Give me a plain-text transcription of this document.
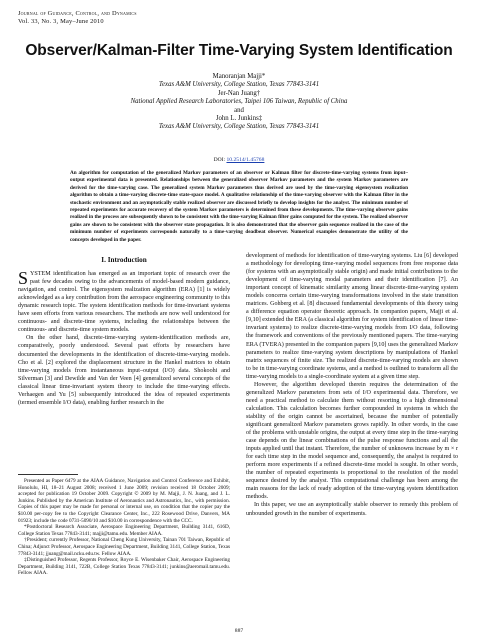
Journal of Guidance, Control, and Dynamics
Vol. 33, No. 3, May–June 2010
Observer/Kalman-Filter Time-Varying System Identification
Manoranjan Majji*
Texas A&M University, College Station, Texas 77843-3141
Jer-Nan Juang†
National Applied Research Laboratories, Taipei 106 Taiwan, Republic of China
and
John L. Junkins‡
Texas A&M University, College Station, Texas 77843-3141
DOI: 10.2514/1.45768
An algorithm for computation of the generalized Markov parameters of an observer or Kalman filter for discrete-time-varying systems from input–output experimental data is presented. Relationships between the generalized observer Markov parameters and the system Markov parameters are derived for the time-varying case. The generalized system Markov parameters thus derived are used by the time-varying eigensystem realization algorithm to obtain a time-varying discrete-time state-space model. A qualitative relationship of the time-varying observer with the Kalman filter in the stochastic environment and an asymptotically stable realized observer are discussed briefly to develop insights for the analyst. The minimum number of repeated experiments for accurate recovery of the system Markov parameters is determined from these developments. The time-varying observer gains realized in the process are subsequently shown to be consistent with the time-varying Kalman filter gains computed for the system. The realized observer gains are shown to be consistent with the observer state propagation. It is also demonstrated that the observer gain sequence realized in the case of the minimum number of experiments corresponds naturally to a time-varying deadbeat observer. Numerical examples demonstrate the utility of the concepts developed in the paper.
I. Introduction

SYSTEM identification has emerged as an important topic of research over the past few decades owing to the advancements of model-based modern guidance, navigation, and control. The eigensystem realization algorithm (ERA) [1] is widely acknowledged as a key contribution from the aerospace engineering community to this dynamic research topic. The system identification methods for time-invariant systems have seen efforts from various researchers. The methods are now well understood for continuous- and discrete-time systems, including the relationships between the continuous- and discrete-time system models.

On the other hand, discrete-time-varying system-identification methods are, comparatively, poorly understood. Several past efforts by researchers have documented the developments in the identification of discrete-time-varying models. Cho et al. [2] explored the displacement structure in the Hankel matrices to obtain time-varying models from instantaneous input–output (I/O) data. Shokoohi and Silverman [3] and Dewilde and Van der Veen [4] generalized several concepts of the classical linear time-invariant system theory to include the time-varying effects. Verhaegen and Yu [5] subsequently introduced the idea of repeated experiments (termed ensemble I/O data), enabling further research in the

Presented as Paper 6479 at the AIAA Guidance, Navigation and Control Conference and Exhibit, Honolulu, HI, 18–21 August 2008; received 1 June 2009; revision received 18 October 2009; accepted for publication 19 October 2009. Copyright © 2009 by M. Majji, J. N. Juang, and J. L. Junkins. Published by the American Institute of Aeronautics and Astronautics, Inc., with permission. Copies of this paper may be made for personal or internal use, on condition that the copier pay the $10.00 per-copy fee to the Copyright Clearance Center, Inc., 222 Rosewood Drive, Danvers, MA 01923; include the code 0731-5090/10 and $10.00 in correspondence with the CCC.

*Postdoctoral Research Associate, Aerospace Engineering Department, Building 3141, 616D, College Station Texas 77843-3141; majji@tamu.edu. Member AIAA.

†President; currently Professor, National Cheng Kung University, Tainan 701 Taiwan, Republic of China; Adjunct Professor, Aerospace Engineering Department, Building 3141, College Station, Texas 77843-3141; jjuang@mail.ncku.edu.tw. Fellow AIAA.

‡Distinguished Professor, Regents Professor, Royce E. Wisenbaker Chair, Aerospace Engineering Department, Building 3141, 722B, College Station Texas 77843-3141; junkins@aeromail.tamu.edu. Fellow AIAA.

development of methods for identification of time-varying systems. Liu [6] developed a methodology for developing time-varying model sequences from free response data (for systems with an asymptotically stable origin) and made initial contributions to the development of time-varying modal parameters and their identification [7]. An important concept of kinematic similarity among linear discrete-time-varying system models concerns certain time-varying transformations involved in the state transition matrices. Gohberg et al. [8] discussed fundamental developments of this theory using a difference equation operator theoretic approach. In companion papers, Majji et al. [9,10] extended the ERA (a classical algorithm for system identification of linear time-invariant systems) to realize discrete-time-varying models from I/O data, following the framework and conventions of the previously mentioned papers. The time-varying ERA (TVERA) presented in the companion papers [9,10] uses the generalized Markov parameters to realize time-varying system descriptions by manipulations of Hankel matrix sequences of finite size. The realized discrete-time-varying models are shown to be in time-varying coordinate systems, and a method is outlined to transform all the time-varying models to a single-coordinate system at a given time step.

However, the algorithm developed therein requires the determination of the generalized Markov parameters from sets of I/O experimental data. Therefore, we need a practical method to calculate them without resorting to a high dimensional calculation. This calculation becomes further compounded in systems in which the stability of the origin cannot be ascertained, because the number of potentially significant generalized Markov parameters grows rapidly. In other words, in the case of the problems with unstable origins, the output at every time step in the time-varying case depends on the linear combinations of the pulse response functions and all the inputs applied until that instant. Therefore, the number of unknowns increase by m × r for each time step in the model sequence and, consequently, the analyst is required to perform more experiments if a refined discrete-time model is sought. In other words, the number of repeated experiments is proportional to the resolution of the model sequence desired by the analyst. This computational challenge has been among the main reasons for the lack of ready adoption of the time-varying system identification methods.

In this paper, we use an asymptotically stable observer to remedy this problem of unbounded growth in the number of experiments.

887
